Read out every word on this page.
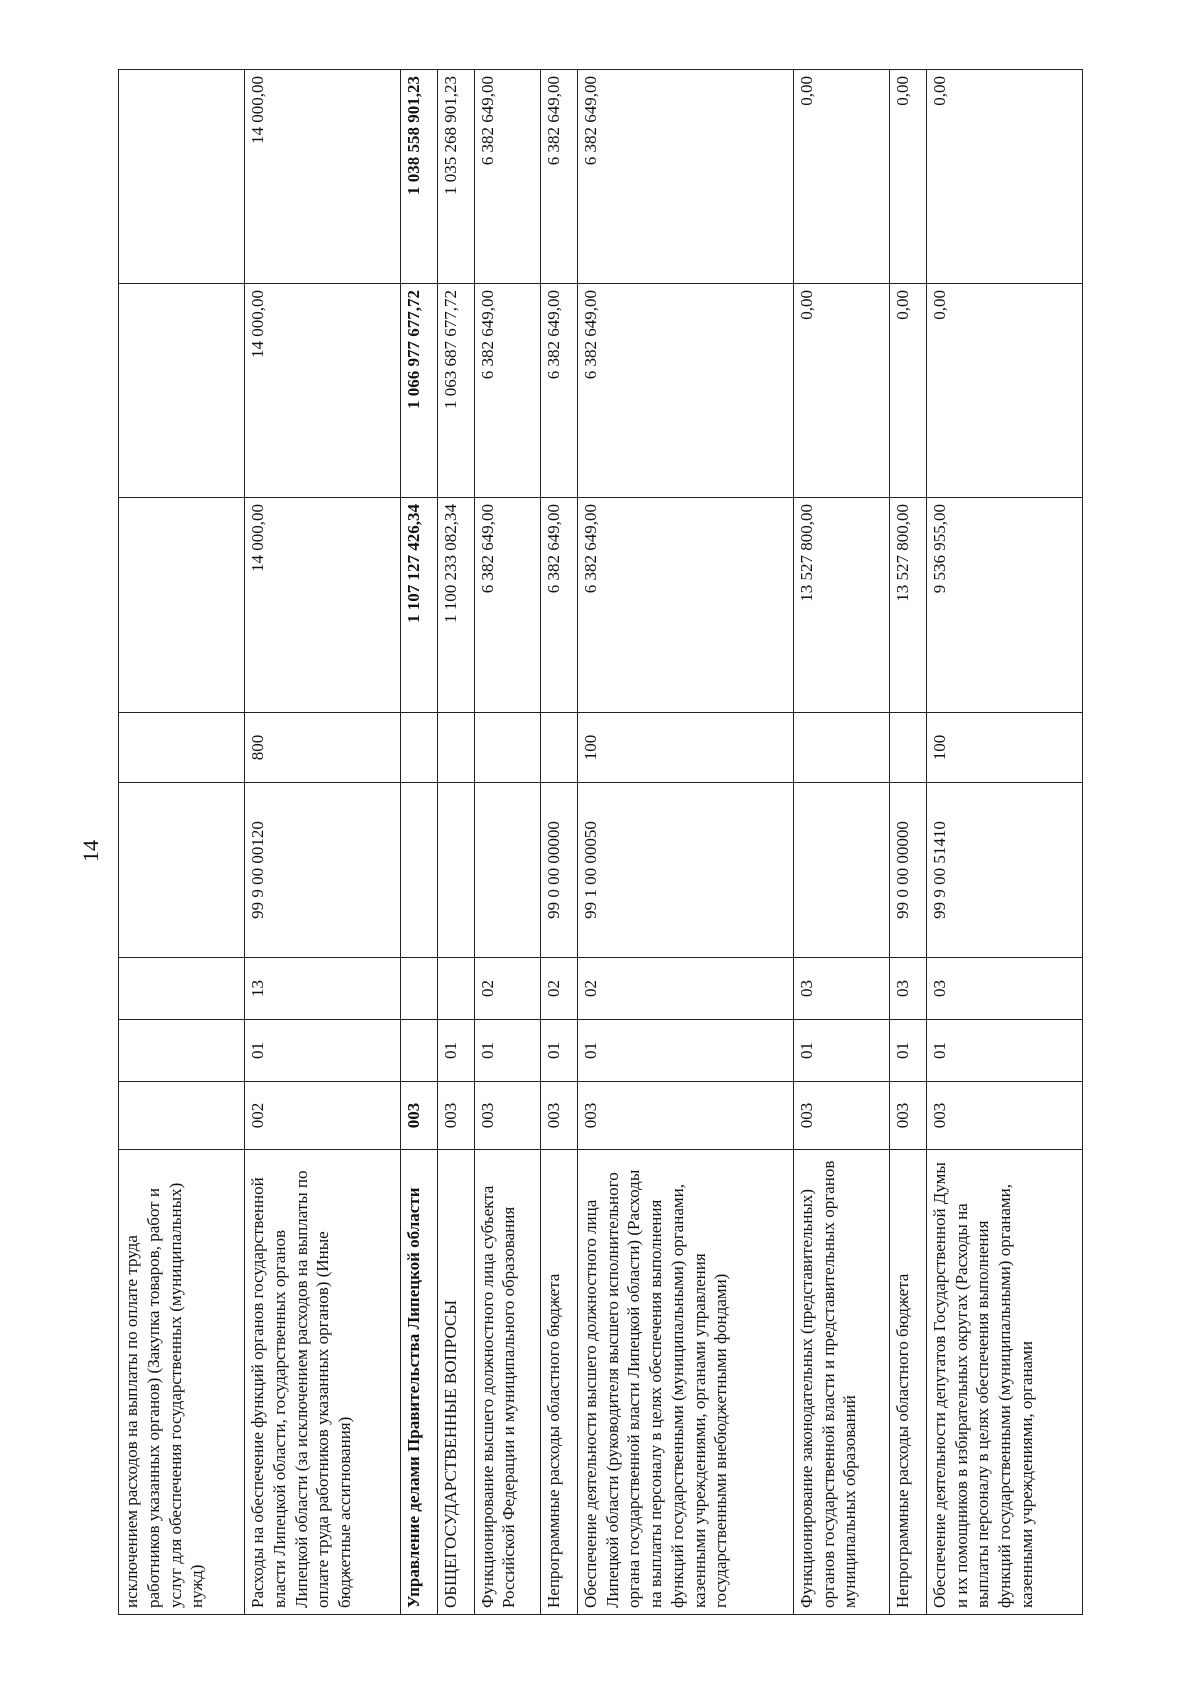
14
исключением расходов на выплаты по оплате труда работников указанных органов) (Закупка товаров, работ и услуг для обеспечения государственных (муниципальных) нужд)								
Расходы на обеспечение функций органов государственной власти Липецкой области, государственных органов Липецкой области (за исключением расходов на выплаты по оплате труда работников указанных органов) (Иные бюджетные ассигнования)	002	01	13	99 9 00 00120	800	14 000,00	14 000,00	14 000,00
Управление делами Правительства Липецкой области	003					1 107 127 426,34	1 066 977 677,72	1 038 558 901,23
ОБЩЕГОСУДАРСТВЕННЫЕ ВОПРОСЫ	003	01				1 100 233 082,34	1 063 687 677,72	1 035 268 901,23
Функционирование высшего должностного лица субъекта Российской Федерации и муниципального образования	003	01	02			6 382 649,00	6 382 649,00	6 382 649,00
Непрограммные расходы областного бюджета	003	01	02	99 0 00 00000		6 382 649,00	6 382 649,00	6 382 649,00
Обеспечение деятельности высшего должностного лица Липецкой области (руководителя высшего исполнительного органа государственной власти Липецкой области) (Расходы на выплаты персоналу в целях обеспечения выполнения функций государственными (муниципальными) органами, казенными учреждениями, органами управления государственными внебюджетными фондами)	003	01	02	99 1 00 00050	100	6 382 649,00	6 382 649,00	6 382 649,00
Функционирование законодательных (представительных) органов государственной власти и представительных органов муниципальных образований	003	01	03			13 527 800,00	0,00	0,00
Непрограммные расходы областного бюджета	003	01	03	99 0 00 00000		13 527 800,00	0,00	0,00
Обеспечение деятельности депутатов Государственной Думы и их помощников в избирательных округах (Расходы на выплаты персоналу в целях обеспечения выполнения функций государственными (муниципальными) органами, казенными учреждениями, органами	003	01	03	99 9 00 51410	100	9 536 955,00	0,00	0,00
